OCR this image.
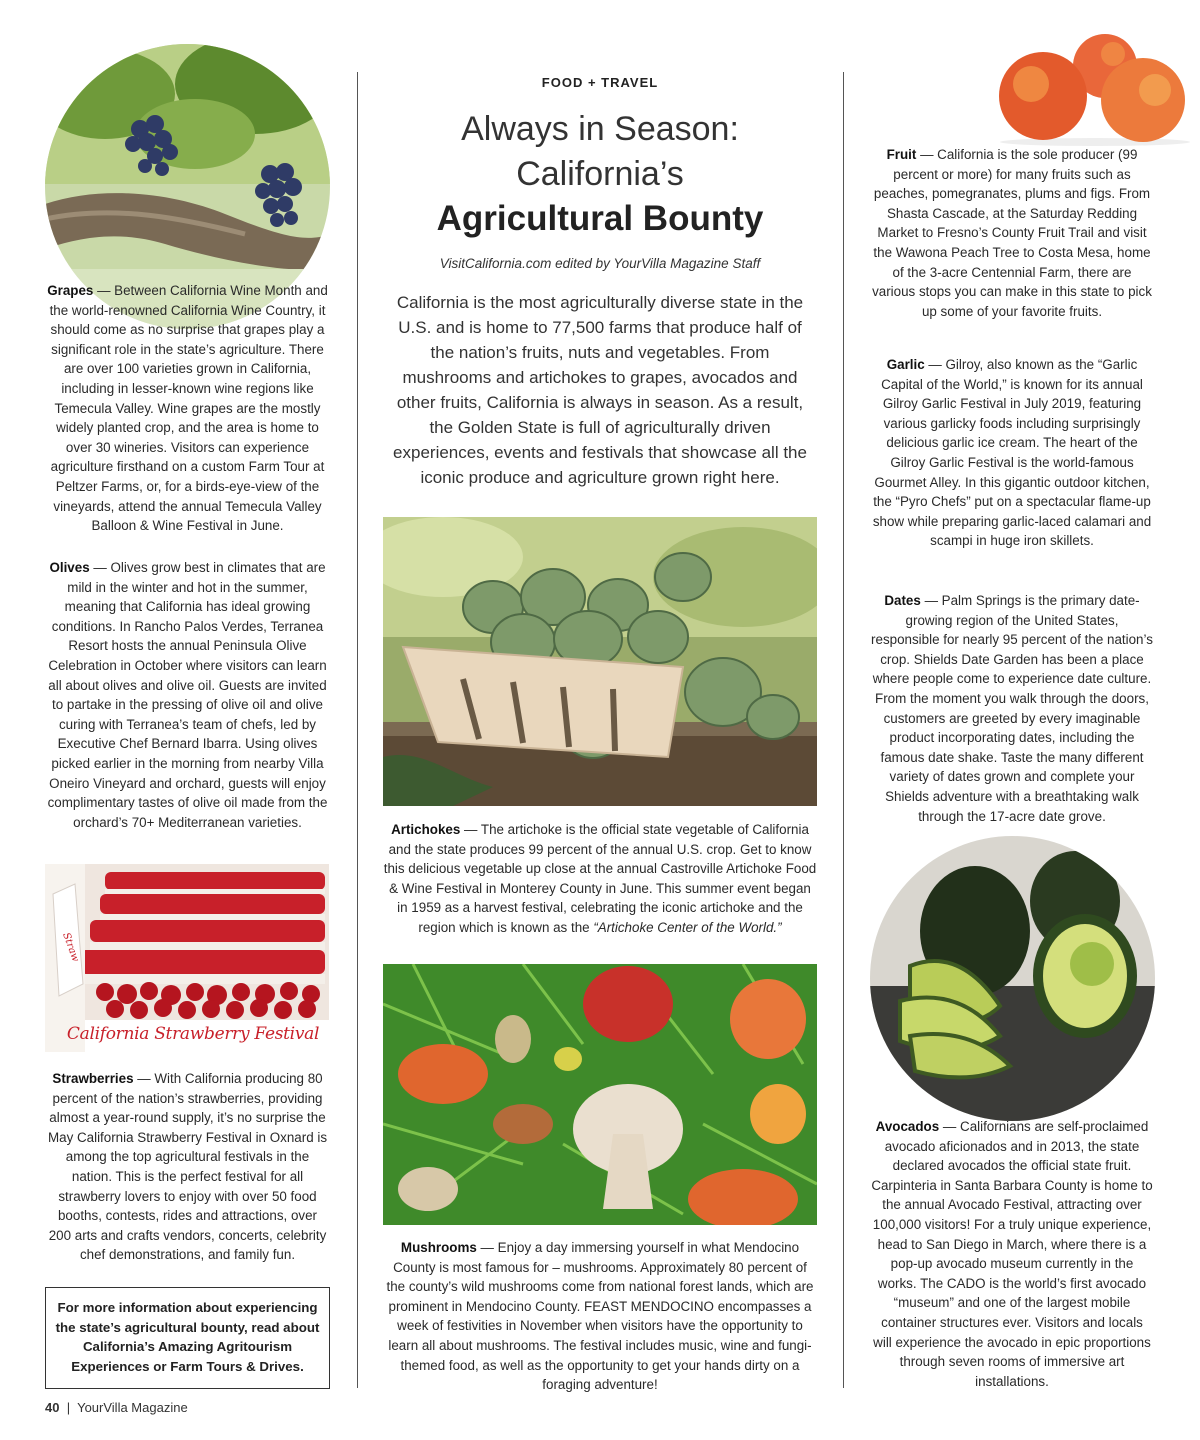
Grapes — Between California Wine Month and the world-renowned California Wine Country, it should come as no surprise that grapes play a significant role in the state’s agriculture. There are over 100 varieties grown in California, including in lesser-known wine regions like Temecula Valley. Wine grapes are the mostly widely planted crop, and the area is home to over 30 wineries. Visitors can experience agriculture firsthand on a custom Farm Tour at Peltzer Farms, or, for a birds-eye-view of the vineyards, attend the annual Temecula Valley Balloon & Wine Festival in June.

Olives — Olives grow best in climates that are mild in the winter and hot in the summer, meaning that California has ideal growing conditions. In Rancho Palos Verdes, Terranea Resort hosts the annual Peninsula Olive Celebration in October where visitors can learn all about olives and olive oil. Guests are invited to partake in the pressing of olive oil and olive curing with Terranea’s team of chefs, led by Executive Chef Bernard Ibarra. Using olives picked earlier in the morning from nearby Villa Oneiro Vineyard and orchard, guests will enjoy complimentary tastes of olive oil made from the orchard’s 70+ Mediterranean varieties.

Straw
California Strawberry Festival

Strawberries — With California producing 80 percent of the nation’s strawberries, providing almost a year-round supply, it’s no surprise the May California Strawberry Festival in Oxnard is among the top agricultural festivals in the nation. This is the perfect festival for all strawberry lovers to enjoy with over 50 food booths, contests, rides and attractions, over 200 arts and crafts vendors, concerts, celebrity chef demonstrations, and family fun.

For more information about experiencing the state’s agricultural bounty, read about California’s Amazing Agritourism Experiences or Farm Tours & Drives.
40 | YourVilla Magazine
FOOD + TRAVEL
Always in Season:
California’s
Agricultural Bounty
VisitCalifornia.com edited by YourVilla Magazine Staff

California is the most agriculturally diverse state in the U.S. and is home to 77,500 farms that produce half of the nation’s fruits, nuts and vegetables. From mushrooms and artichokes to grapes, avocados and other fruits, California is always in season. As a result, the Golden State is full of agriculturally driven experiences, events and festivals that showcase all the iconic produce and agriculture grown right here.

Artichokes — The artichoke is the official state vegetable of California and the state produces 99 percent of the annual U.S. crop. Get to know this delicious vegetable up close at the annual Castroville Artichoke Food & Wine Festival in Monterey County in June. This summer event began in 1959 as a harvest festival, celebrating the iconic artichoke and the region which is known as the “Artichoke Center of the World.”

Mushrooms — Enjoy a day immersing yourself in what Mendocino County is most famous for – mushrooms. Approximately 80 percent of the county’s wild mushrooms come from national forest lands, which are prominent in Mendocino County. FEAST MENDOCINO encompasses a week of festivities in November when visitors have the opportunity to learn all about mushrooms. The festival includes music, wine and fungi-themed food, as well as the opportunity to get your hands dirty on a foraging adventure!

Fruit — California is the sole producer (99 percent or more) for many fruits such as peaches, pomegranates, plums and figs. From Shasta Cascade, at the Saturday Redding Market to Fresno’s County Fruit Trail and visit the Wawona Peach Tree to Costa Mesa, home of the 3-acre Centennial Farm, there are various stops you can make in this state to pick up some of your favorite fruits.

Garlic — Gilroy, also known as the “Garlic Capital of the World,” is known for its annual Gilroy Garlic Festival in July 2019, featuring various garlicky foods including surprisingly delicious garlic ice cream. The heart of the Gilroy Garlic Festival is the world-famous Gourmet Alley. In this gigantic outdoor kitchen, the “Pyro Chefs” put on a spectacular flame-up show while preparing garlic-laced calamari and scampi in huge iron skillets.

Dates — Palm Springs is the primary date-growing region of the United States, responsible for nearly 95 percent of the nation’s crop. Shields Date Garden has been a place where people come to experience date culture. From the moment you walk through the doors, customers are greeted by every imaginable product incorporating dates, including the famous date shake. Taste the many different variety of dates grown and complete your Shields adventure with a breathtaking walk through the 17-acre date grove.

Avocados — Californians are self-proclaimed avocado aficionados and in 2013, the state declared avocados the official state fruit. Carpinteria in Santa Barbara County is home to the annual Avocado Festival, attracting over 100,000 visitors! For a truly unique experience, head to San Diego in March, where there is a pop-up avocado museum currently in the works. The CADO is the world’s first avocado “museum” and one of the largest mobile container structures ever. Visitors and locals will experience the avocado in epic proportions through seven rooms of immersive art installations.
